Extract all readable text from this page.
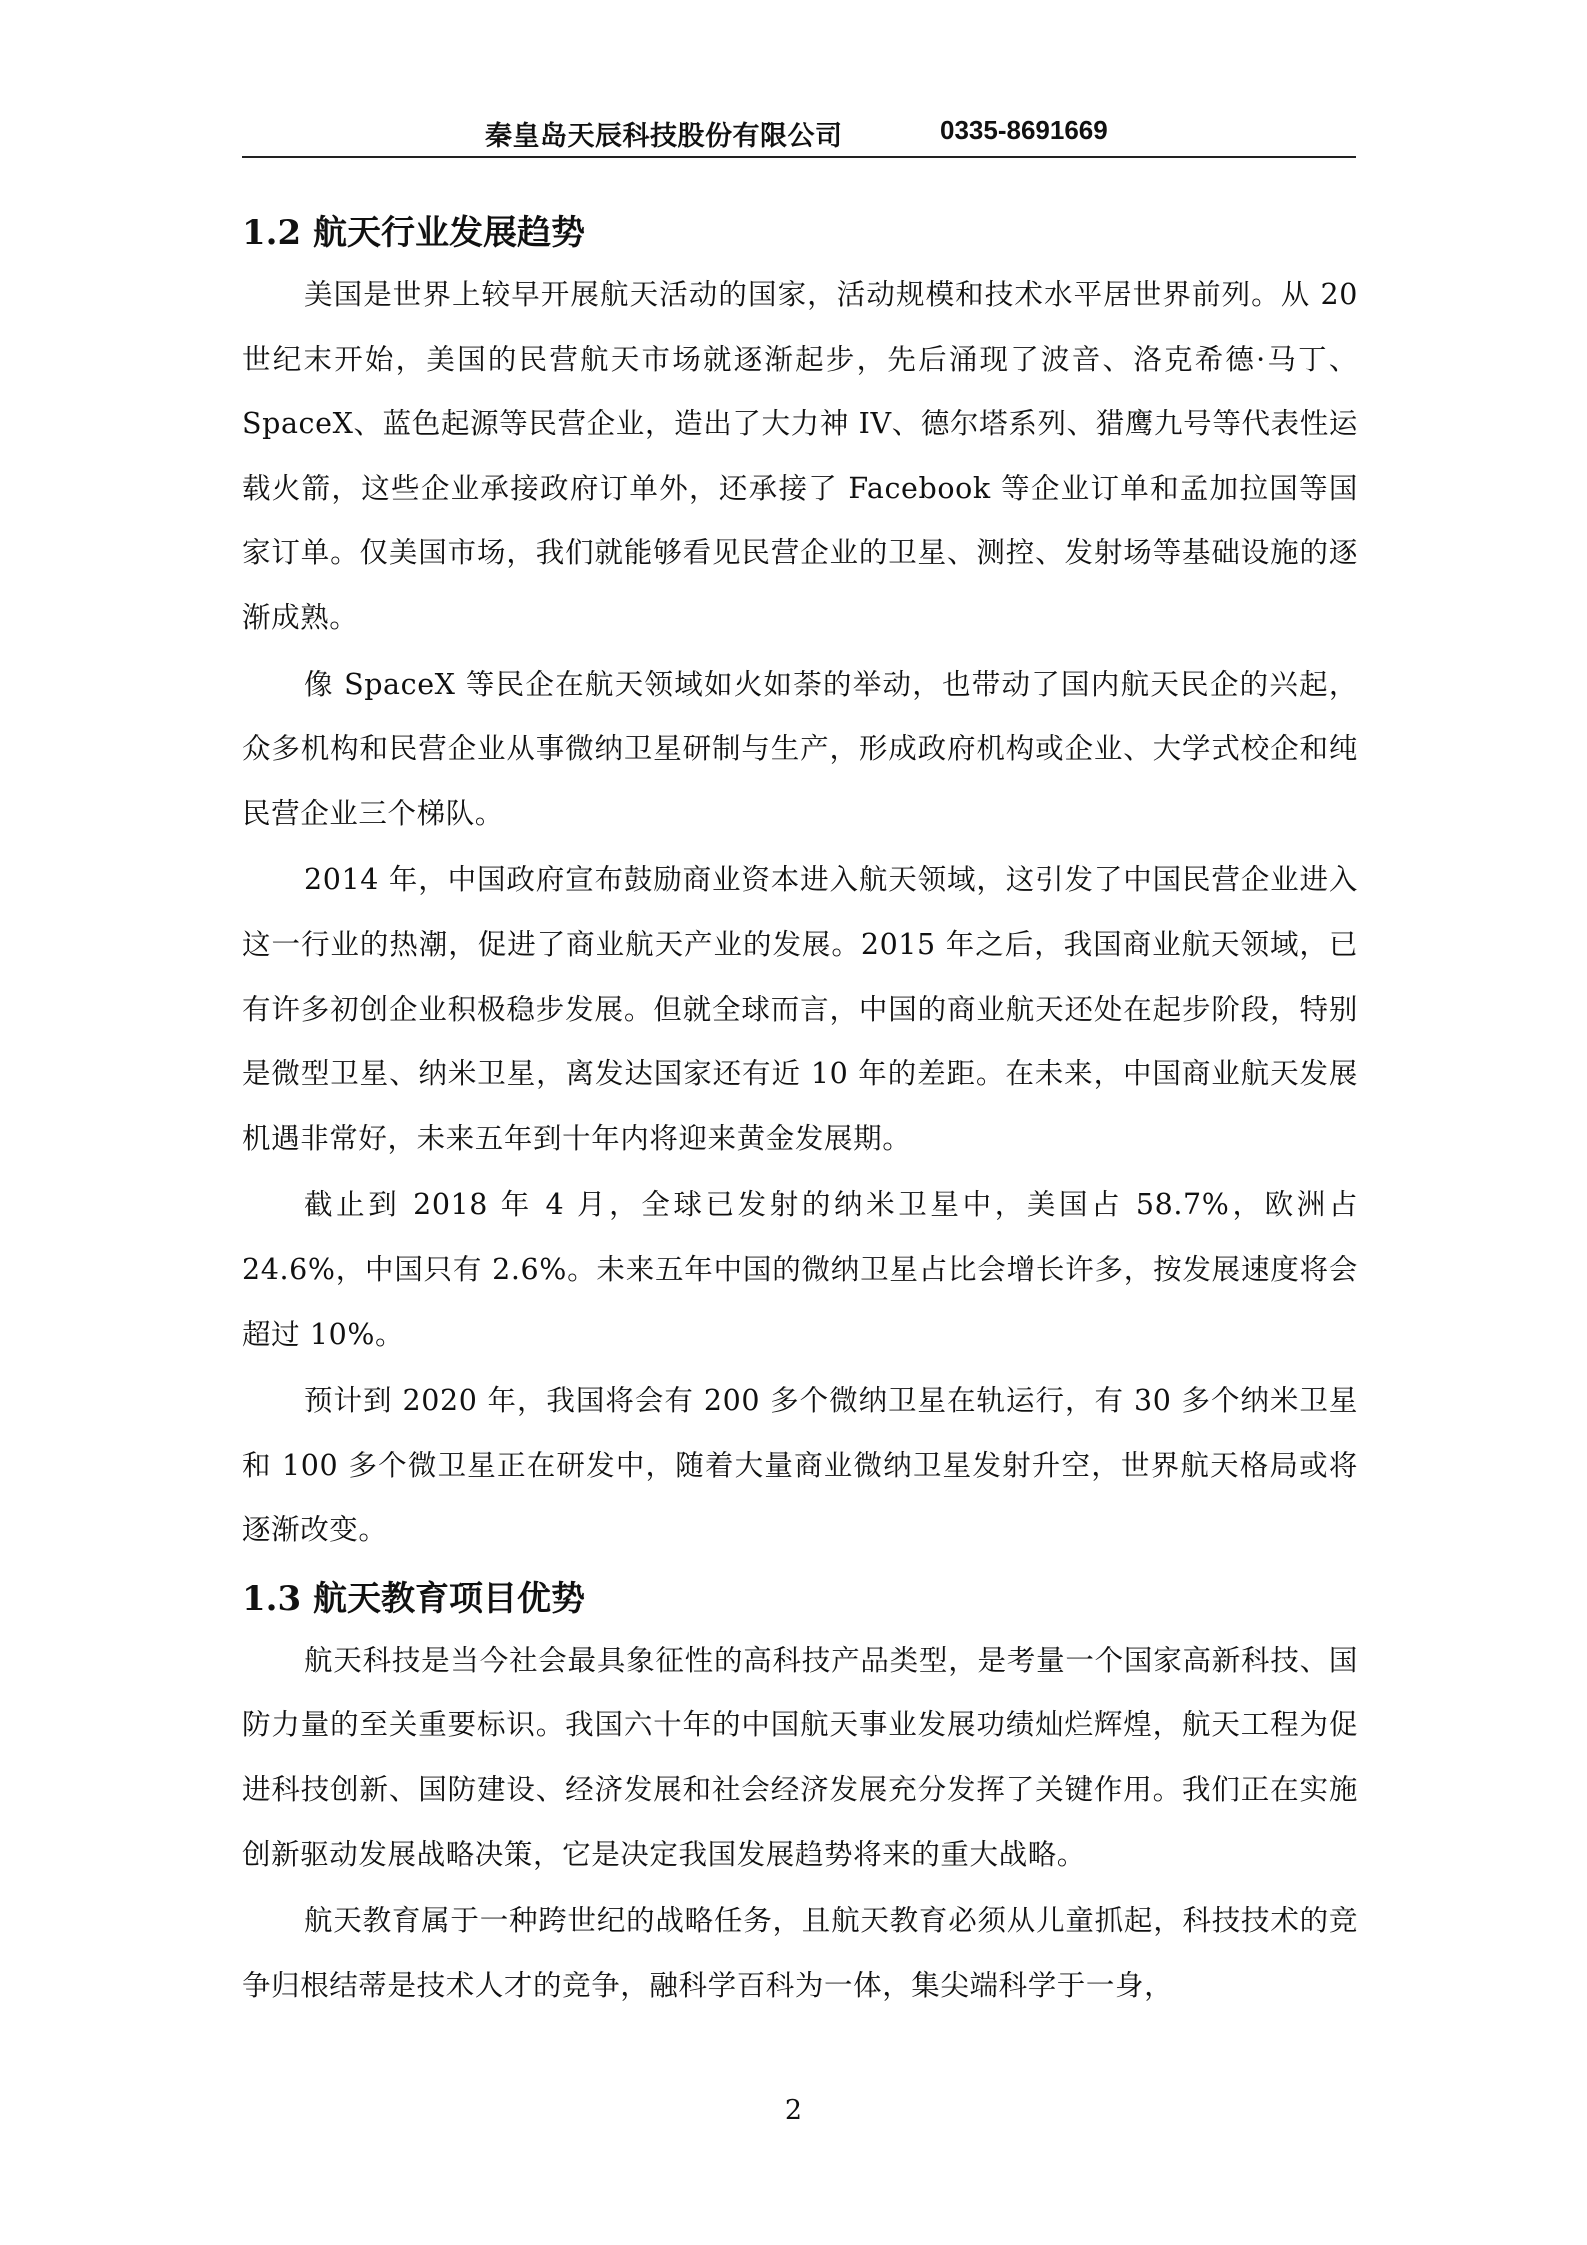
秦皇岛天辰科技股份有限公司	0335-8691669
1.2 航天行业发展趋势

美国是世界上较早开展航天活动的国家，活动规模和技术水平居世界前列。从 20 世纪末开始，美国的民营航天市场就逐渐起步，先后涌现了波音、洛克希德·马丁、SpaceX、蓝色起源等民营企业，造出了大力神 IV、德尔塔系列、猎鹰九号等代表性运载火箭，这些企业承接政府订单外，还承接了 Facebook 等企业订单和孟加拉国等国家订单。仅美国市场，我们就能够看见民营企业的卫星、测控、发射场等基础设施的逐渐成熟。

像 SpaceX 等民企在航天领域如火如荼的举动，也带动了国内航天民企的兴起，众多机构和民营企业从事微纳卫星研制与生产，形成政府机构或企业、大学式校企和纯民营企业三个梯队。

2014 年，中国政府宣布鼓励商业资本进入航天领域，这引发了中国民营企业进入这一行业的热潮，促进了商业航天产业的发展。2015 年之后，我国商业航天领域，已有许多初创企业积极稳步发展。但就全球而言，中国的商业航天还处在起步阶段，特别是微型卫星、纳米卫星，离发达国家还有近 10 年的差距。在未来，中国商业航天发展机遇非常好，未来五年到十年内将迎来黄金发展期。

截止到 2018 年 4 月，全球已发射的纳米卫星中，美国占 58.7%，欧洲占 24.6%，中国只有 2.6%。未来五年中国的微纳卫星占比会增长许多，按发展速度将会超过 10%。

预计到 2020 年，我国将会有 200 多个微纳卫星在轨运行，有 30 多个纳米卫星和 100 多个微卫星正在研发中，随着大量商业微纳卫星发射升空，世界航天格局或将逐渐改变。

1.3 航天教育项目优势

航天科技是当今社会最具象征性的高科技产品类型，是考量一个国家高新科技、国防力量的至关重要标识。我国六十年的中国航天事业发展功绩灿烂辉煌，航天工程为促进科技创新、国防建设、经济发展和社会经济发展充分发挥了关键作用。我们正在实施创新驱动发展战略决策，它是决定我国发展趋势将来的重大战略。

航天教育属于一种跨世纪的战略任务，且航天教育必须从儿童抓起，科技技术的竞争归根结蒂是技术人才的竞争，融科学百科为一体，集尖端科学于一身，

2
